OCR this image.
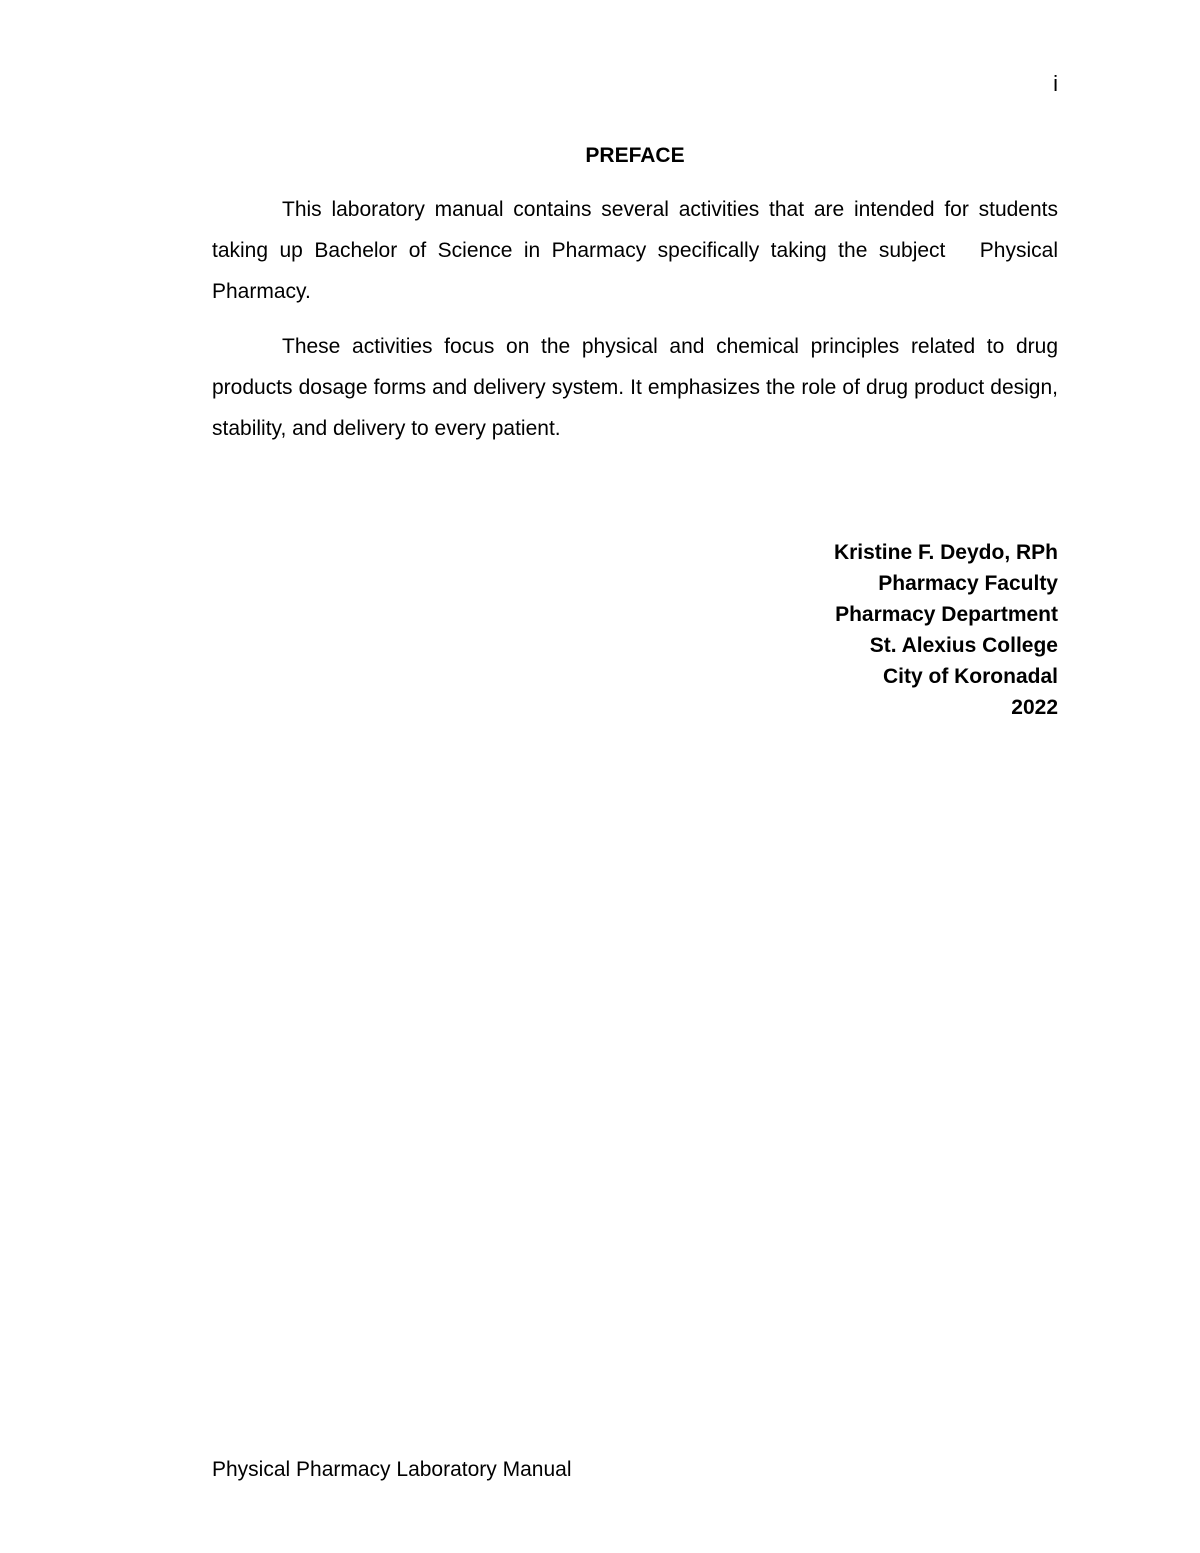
i
PREFACE

This laboratory manual contains several activities that are intended for students taking up Bachelor of Science in Pharmacy specifically taking the subject   Physical Pharmacy.

These activities focus on the physical and chemical principles related to drug products dosage forms and delivery system. It emphasizes the role of drug product design, stability, and delivery to every patient.

Kristine F. Deydo, RPh
Pharmacy Faculty
Pharmacy Department
St. Alexius College
City of Koronadal
2022
Physical Pharmacy Laboratory Manual
